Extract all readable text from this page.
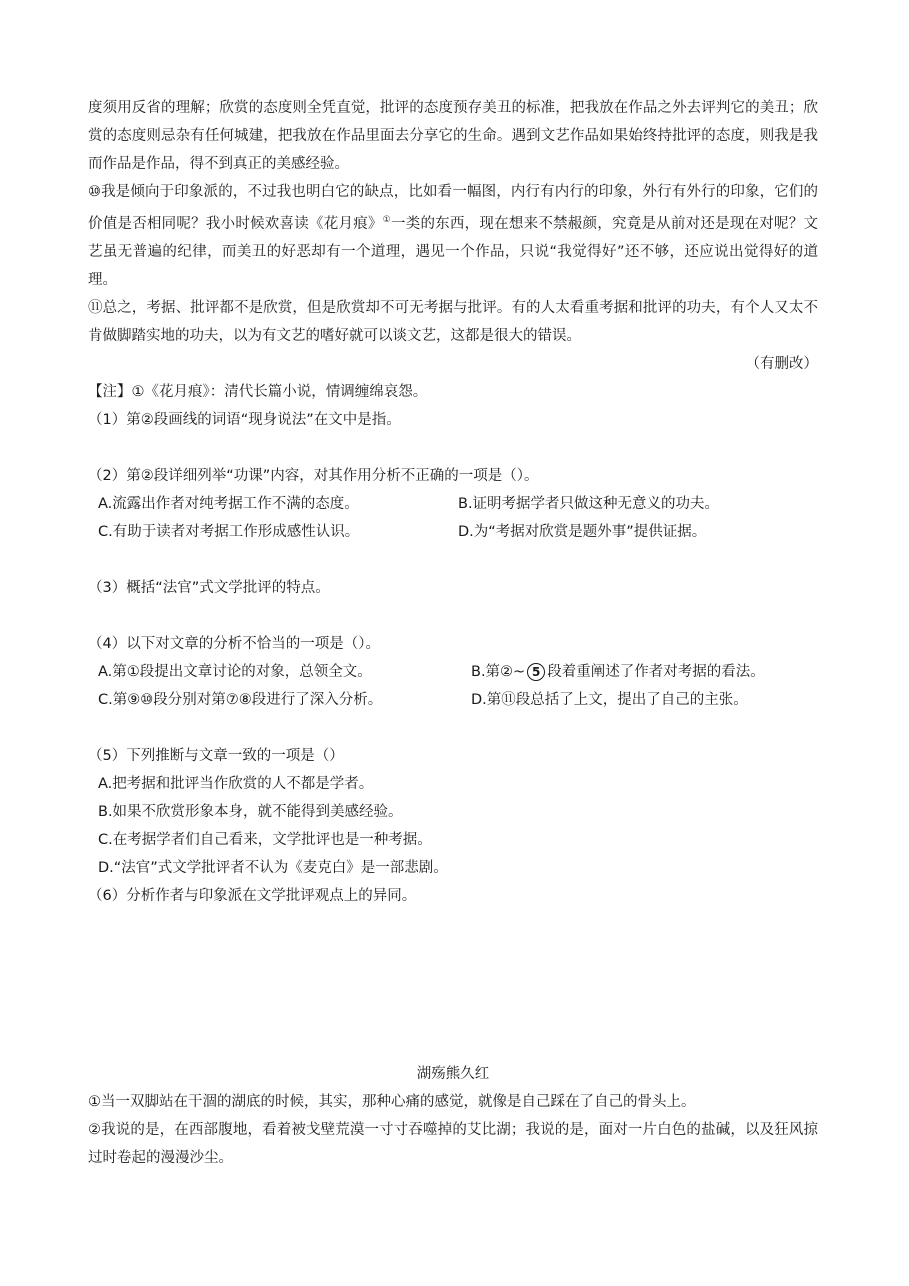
度须用反省的理解；欣赏的态度则全凭直觉，批评的态度预存美丑的标准，把我放在作品之外去评判它的美丑；欣赏的态度则忌杂有任何城建，把我放在作品里面去分享它的生命。遇到文艺作品如果始终持批评的态度，则我是我而作品是作品，得不到真正的美感经验。

⑩我是倾向于印象派的，不过我也明白它的缺点，比如看一幅图，内行有内行的印象，外行有外行的印象，它们的价值是否相同呢？我小时候欢喜读《花月痕》①一类的东西，现在想来不禁赧颜，究竟是从前对还是现在对呢？文艺虽无普遍的纪律，而美丑的好恶却有一个道理，遇见一个作品，只说“我觉得好”还不够，还应说出觉得好的道理。

⑪总之，考据、批评都不是欣赏，但是欣赏却不可无考据与批评。有的人太看重考据和批评的功夫，有个人又太不肯做脚踏实地的功夫，以为有文艺的嗜好就可以谈文艺，这都是很大的错误。

（有删改）

【注】①《花月痕》：清代长篇小说，情调缠绵哀怨。

（1）第②段画线的词语“现身说法”在文中是指。

（2）第②段详细列举“功课”内容，对其作用分析不正确的一项是（）。

A.流露出作者对纯考据工作不满的态度。	B.证明考据学者只做这种无意义的功夫。
C.有助于读者对考据工作形成感性认识。	D.为“考据对欣赏是题外事”提供证据。

（3）概括“法官”式文学批评的特点。

（4）以下对文章的分析不恰当的一项是（）。

A.第①段提出文章讨论的对象，总领全文。	B.第②~ 5 段着重阐述了作者对考据的看法。
C.第⑨⑩段分别对第⑦⑧段进行了深入分析。	D.第⑪段总括了上文，提出了自己的主张。

（5）下列推断与文章一致的一项是（）

A.把考据和批评当作欣赏的人不都是学者。

B.如果不欣赏形象本身，就不能得到美感经验。

C.在考据学者们自己看来，文学批评也是一种考据。

D.“法官”式文学批评者不认为《麦克白》是一部悲剧。

（6）分析作者与印象派在文学批评观点上的异同。

湖殇熊久红

①当一双脚站在干涸的湖底的时候，其实，那种心痛的感觉，就像是自己踩在了自己的骨头上。

②我说的是，在西部腹地，看着被戈壁荒漠一寸寸吞噬掉的艾比湖；我说的是，面对一片白色的盐碱，以及狂风掠过时卷起的漫漫沙尘。
